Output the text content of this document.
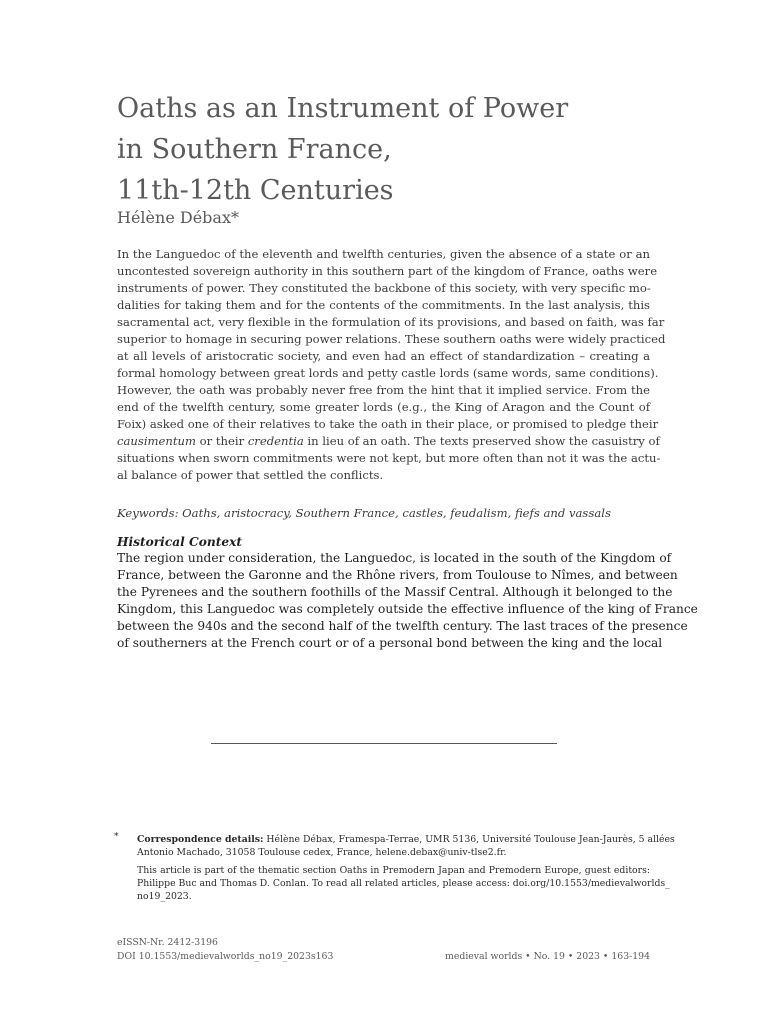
Oaths as an Instrument of Power
in Southern France,
11th-12th Centuries

Hélène Débax*

In the Languedoc of the eleventh and twelfth centuries, given the absence of a state or an
uncontested sovereign authority in this southern part of the kingdom of France, oaths were
instruments of power. They constituted the backbone of this society, with very specific mo-
dalities for taking them and for the contents of the commitments. In the last analysis, this
sacramental act, very flexible in the formulation of its provisions, and based on faith, was far
superior to homage in securing power relations. These southern oaths were widely practiced
at all levels of aristocratic society, and even had an effect of standardization – creating a
formal homology between great lords and petty castle lords (same words, same conditions).
However, the oath was probably never free from the hint that it implied service. From the
end of the twelfth century, some greater lords (e.g., the King of Aragon and the Count of
Foix) asked one of their relatives to take the oath in their place, or promised to pledge their
causimentum or their credentia in lieu of an oath. The texts preserved show the casuistry of
situations when sworn commitments were not kept, but more often than not it was the actu-
al balance of power that settled the conflicts.
Keywords: Oaths, aristocracy, Southern France, castles, feudalism, fiefs and vassals
Historical Context
The region under consideration, the Languedoc, is located in the south of the Kingdom of
France, between the Garonne and the Rhône rivers, from Toulouse to Nîmes, and between
the Pyrenees and the southern foothills of the Massif Central. Although it belonged to the
Kingdom, this Languedoc was completely outside the effective influence of the king of France
between the 940s and the second half of the twelfth century. The last traces of the presence
of southerners at the French court or of a personal bond between the king and the local
* Correspondence details: Hélène Débax, Framespa-Terrae, UMR 5136, Université Toulouse Jean-Jaurès, 5 allées
Antonio Machado, 31058 Toulouse cedex, France, helene.debax@univ-tlse2.fr.
This article is part of the thematic section Oaths in Premodern Japan and Premodern Europe, guest editors:
Philippe Buc and Thomas D. Conlan. To read all related articles, please access: doi.org/10.1553/medievalworlds_
no19_2023.
eISSN-Nr. 2412-3196
DOI 10.1553/medievalworlds_no19_2023s163	medieval worlds • No. 19 • 2023 • 163-194
